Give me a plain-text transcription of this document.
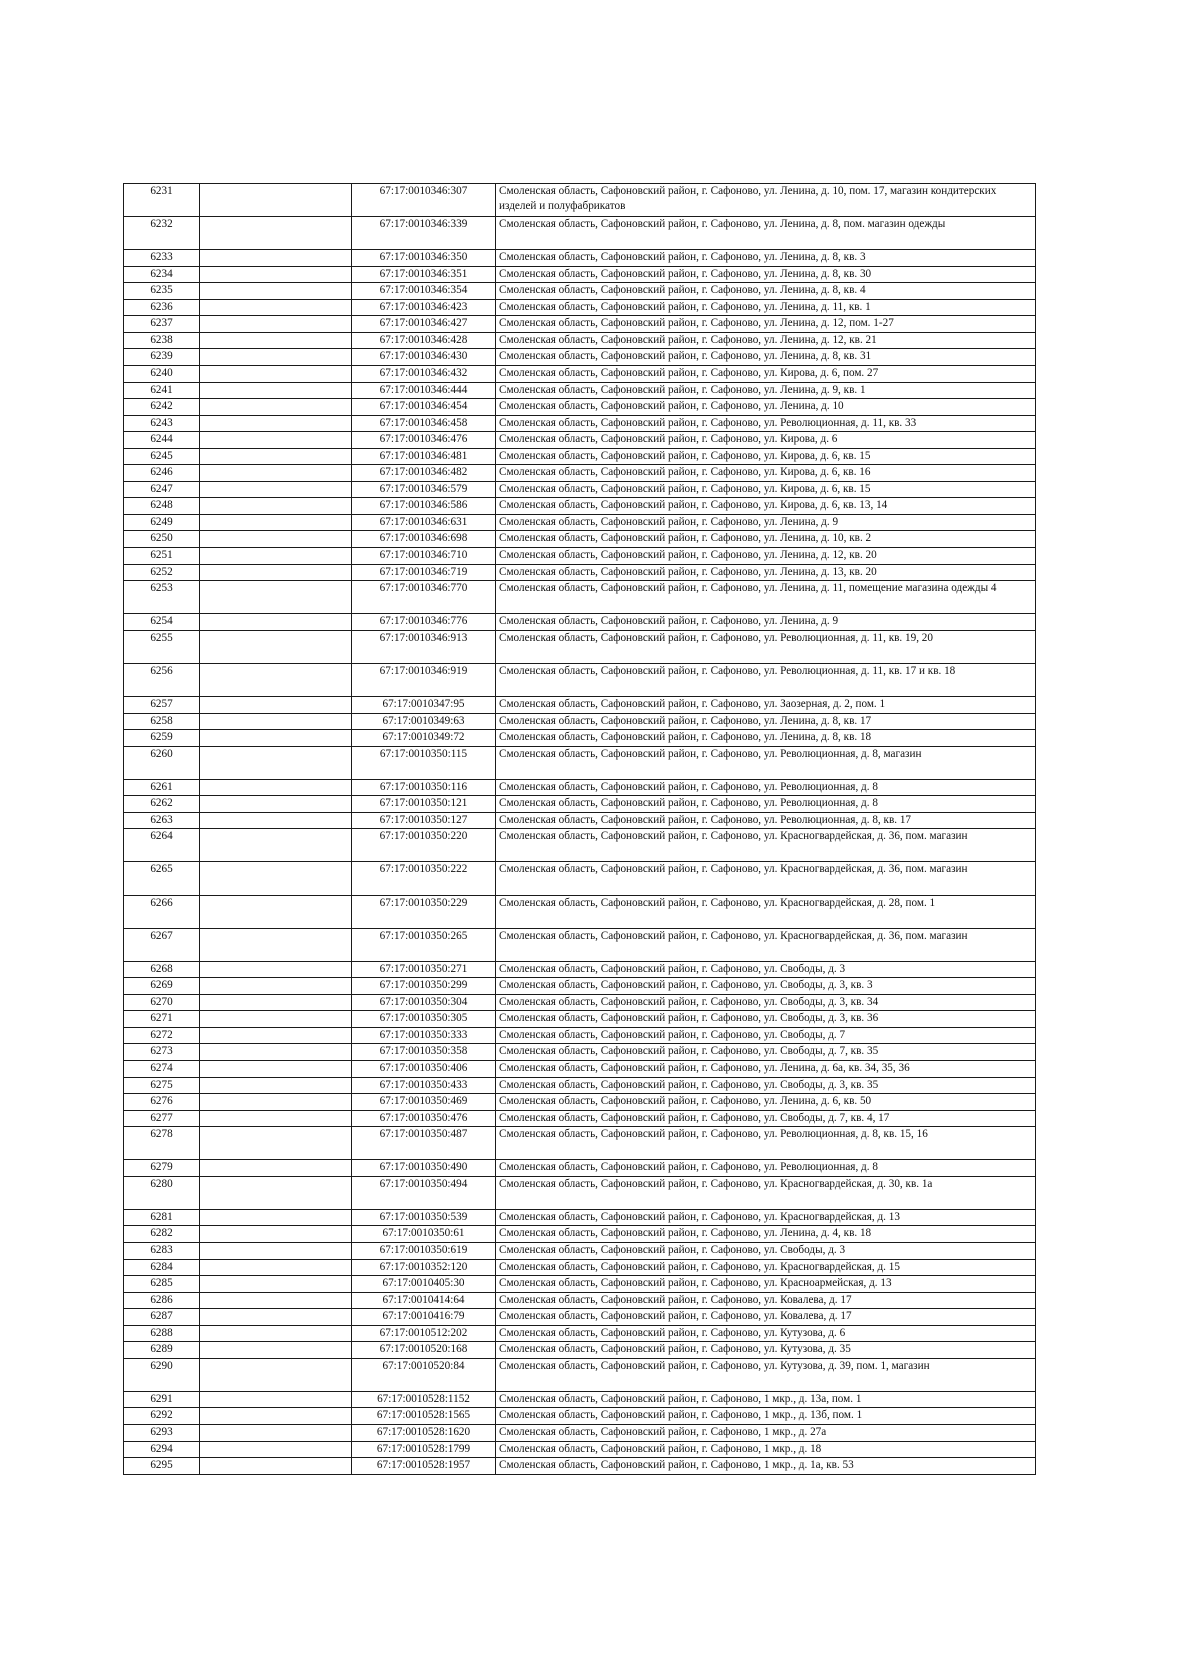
6231		67:17:0010346:307	Смоленская область, Сафоновский район, г. Сафоново, ул. Ленина, д. 10, пом. 17, магазин кондитерских изделей и полуфабрикатов
6232		67:17:0010346:339	Смоленская область, Сафоновский район, г. Сафоново, ул. Ленина, д. 8, пом. магазин одежды
6233		67:17:0010346:350	Смоленская область, Сафоновский район, г. Сафоново, ул. Ленина, д. 8, кв. 3
6234		67:17:0010346:351	Смоленская область, Сафоновский район, г. Сафоново, ул. Ленина, д. 8, кв. 30
6235		67:17:0010346:354	Смоленская область, Сафоновский район, г. Сафоново, ул. Ленина, д. 8, кв. 4
6236		67:17:0010346:423	Смоленская область, Сафоновский район, г. Сафоново, ул. Ленина, д. 11, кв. 1
6237		67:17:0010346:427	Смоленская область, Сафоновский район, г. Сафоново, ул. Ленина, д. 12, пом. 1-27
6238		67:17:0010346:428	Смоленская область, Сафоновский район, г. Сафоново, ул. Ленина, д. 12, кв. 21
6239		67:17:0010346:430	Смоленская область, Сафоновский район, г. Сафоново, ул. Ленина, д. 8, кв. 31
6240		67:17:0010346:432	Смоленская область, Сафоновский район, г. Сафоново, ул. Кирова, д. 6, пом. 27
6241		67:17:0010346:444	Смоленская область, Сафоновский район, г. Сафоново, ул. Ленина, д. 9, кв. 1
6242		67:17:0010346:454	Смоленская область, Сафоновский район, г. Сафоново, ул. Ленина, д. 10
6243		67:17:0010346:458	Смоленская область, Сафоновский район, г. Сафоново, ул. Революционная, д. 11, кв. 33
6244		67:17:0010346:476	Смоленская область, Сафоновский район, г. Сафоново, ул. Кирова, д. 6
6245		67:17:0010346:481	Смоленская область, Сафоновский район, г. Сафоново, ул. Кирова, д. 6, кв. 15
6246		67:17:0010346:482	Смоленская область, Сафоновский район, г. Сафоново, ул. Кирова, д. 6, кв. 16
6247		67:17:0010346:579	Смоленская область, Сафоновский район, г. Сафоново, ул. Кирова, д. 6, кв. 15
6248		67:17:0010346:586	Смоленская область, Сафоновский район, г. Сафоново, ул. Кирова, д. 6, кв. 13, 14
6249		67:17:0010346:631	Смоленская область, Сафоновский район, г. Сафоново, ул. Ленина, д. 9
6250		67:17:0010346:698	Смоленская область, Сафоновский район, г. Сафоново, ул. Ленина, д. 10, кв. 2
6251		67:17:0010346:710	Смоленская область, Сафоновский район, г. Сафоново, ул. Ленина, д. 12, кв. 20
6252		67:17:0010346:719	Смоленская область, Сафоновский район, г. Сафоново, ул. Ленина, д. 13, кв. 20
6253		67:17:0010346:770	Смоленская область, Сафоновский район, г. Сафоново, ул. Ленина, д. 11, помещение магазина одежды 4
6254		67:17:0010346:776	Смоленская область, Сафоновский район, г. Сафоново, ул. Ленина, д. 9
6255		67:17:0010346:913	Смоленская область, Сафоновский район, г. Сафоново, ул. Революционная, д. 11, кв. 19, 20
6256		67:17:0010346:919	Смоленская область, Сафоновский район, г. Сафоново, ул. Революционная, д. 11, кв. 17 и кв. 18
6257		67:17:0010347:95	Смоленская область, Сафоновский район, г. Сафоново, ул. Заозерная, д. 2, пом. 1
6258		67:17:0010349:63	Смоленская область, Сафоновский район, г. Сафоново, ул. Ленина, д. 8, кв. 17
6259		67:17:0010349:72	Смоленская область, Сафоновский район, г. Сафоново, ул. Ленина, д. 8, кв. 18
6260		67:17:0010350:115	Смоленская область, Сафоновский район, г. Сафоново, ул. Революционная, д. 8, магазин
6261		67:17:0010350:116	Смоленская область, Сафоновский район, г. Сафоново, ул. Революционная, д. 8
6262		67:17:0010350:121	Смоленская область, Сафоновский район, г. Сафоново, ул. Революционная, д. 8
6263		67:17:0010350:127	Смоленская область, Сафоновский район, г. Сафоново, ул. Революционная, д. 8, кв. 17
6264		67:17:0010350:220	Смоленская область, Сафоновский район, г. Сафоново, ул. Красногвардейская, д. 36, пом. магазин
6265		67:17:0010350:222	Смоленская область, Сафоновский район, г. Сафоново, ул. Красногвардейская, д. 36, пом. магазин
6266		67:17:0010350:229	Смоленская область, Сафоновский район, г. Сафоново, ул. Красногвардейская, д. 28, пом. 1
6267		67:17:0010350:265	Смоленская область, Сафоновский район, г. Сафоново, ул. Красногвардейская, д. 36, пом. магазин
6268		67:17:0010350:271	Смоленская область, Сафоновский район, г. Сафоново, ул. Свободы, д. 3
6269		67:17:0010350:299	Смоленская область, Сафоновский район, г. Сафоново, ул. Свободы, д. 3, кв. 3
6270		67:17:0010350:304	Смоленская область, Сафоновский район, г. Сафоново, ул. Свободы, д. 3, кв. 34
6271		67:17:0010350:305	Смоленская область, Сафоновский район, г. Сафоново, ул. Свободы, д. 3, кв. 36
6272		67:17:0010350:333	Смоленская область, Сафоновский район, г. Сафоново, ул. Свободы, д. 7
6273		67:17:0010350:358	Смоленская область, Сафоновский район, г. Сафоново, ул. Свободы, д. 7, кв. 35
6274		67:17:0010350:406	Смоленская область, Сафоновский район, г. Сафоново, ул. Ленина, д. 6а, кв. 34, 35, 36
6275		67:17:0010350:433	Смоленская область, Сафоновский район, г. Сафоново, ул. Свободы, д. 3, кв. 35
6276		67:17:0010350:469	Смоленская область, Сафоновский район, г. Сафоново, ул. Ленина, д. 6, кв. 50
6277		67:17:0010350:476	Смоленская область, Сафоновский район, г. Сафоново, ул. Свободы, д. 7, кв. 4, 17
6278		67:17:0010350:487	Смоленская область, Сафоновский район, г. Сафоново, ул. Революционная, д. 8, кв. 15, 16
6279		67:17:0010350:490	Смоленская область, Сафоновский район, г. Сафоново, ул. Революционная, д. 8
6280		67:17:0010350:494	Смоленская область, Сафоновский район, г. Сафоново, ул. Красногвардейская, д. 30, кв. 1а
6281		67:17:0010350:539	Смоленская область, Сафоновский район, г. Сафоново, ул. Красногвардейская, д. 13
6282		67:17:0010350:61	Смоленская область, Сафоновский район, г. Сафоново, ул. Ленина, д. 4, кв. 18
6283		67:17:0010350:619	Смоленская область, Сафоновский район, г. Сафоново, ул. Свободы, д. 3
6284		67:17:0010352:120	Смоленская область, Сафоновский район, г. Сафоново, ул. Красногвардейская, д. 15
6285		67:17:0010405:30	Смоленская область, Сафоновский район, г. Сафоново, ул. Красноармейская, д. 13
6286		67:17:0010414:64	Смоленская область, Сафоновский район, г. Сафоново, ул. Ковалева, д. 17
6287		67:17:0010416:79	Смоленская область, Сафоновский район, г. Сафоново, ул. Ковалева, д. 17
6288		67:17:0010512:202	Смоленская область, Сафоновский район, г. Сафоново, ул. Кутузова, д. 6
6289		67:17:0010520:168	Смоленская область, Сафоновский район, г. Сафоново, ул. Кутузова, д. 35
6290		67:17:0010520:84	Смоленская область, Сафоновский район, г. Сафоново, ул. Кутузова, д. 39, пом. 1, магазин
6291		67:17:0010528:1152	Смоленская область, Сафоновский район, г. Сафоново, 1 мкр., д. 13а, пом. 1
6292		67:17:0010528:1565	Смоленская область, Сафоновский район, г. Сафоново, 1 мкр., д. 13б, пом. 1
6293		67:17:0010528:1620	Смоленская область, Сафоновский район, г. Сафоново, 1 мкр., д. 27а
6294		67:17:0010528:1799	Смоленская область, Сафоновский район, г. Сафоново, 1 мкр., д. 18
6295		67:17:0010528:1957	Смоленская область, Сафоновский район, г. Сафоново, 1 мкр., д. 1а, кв. 53
